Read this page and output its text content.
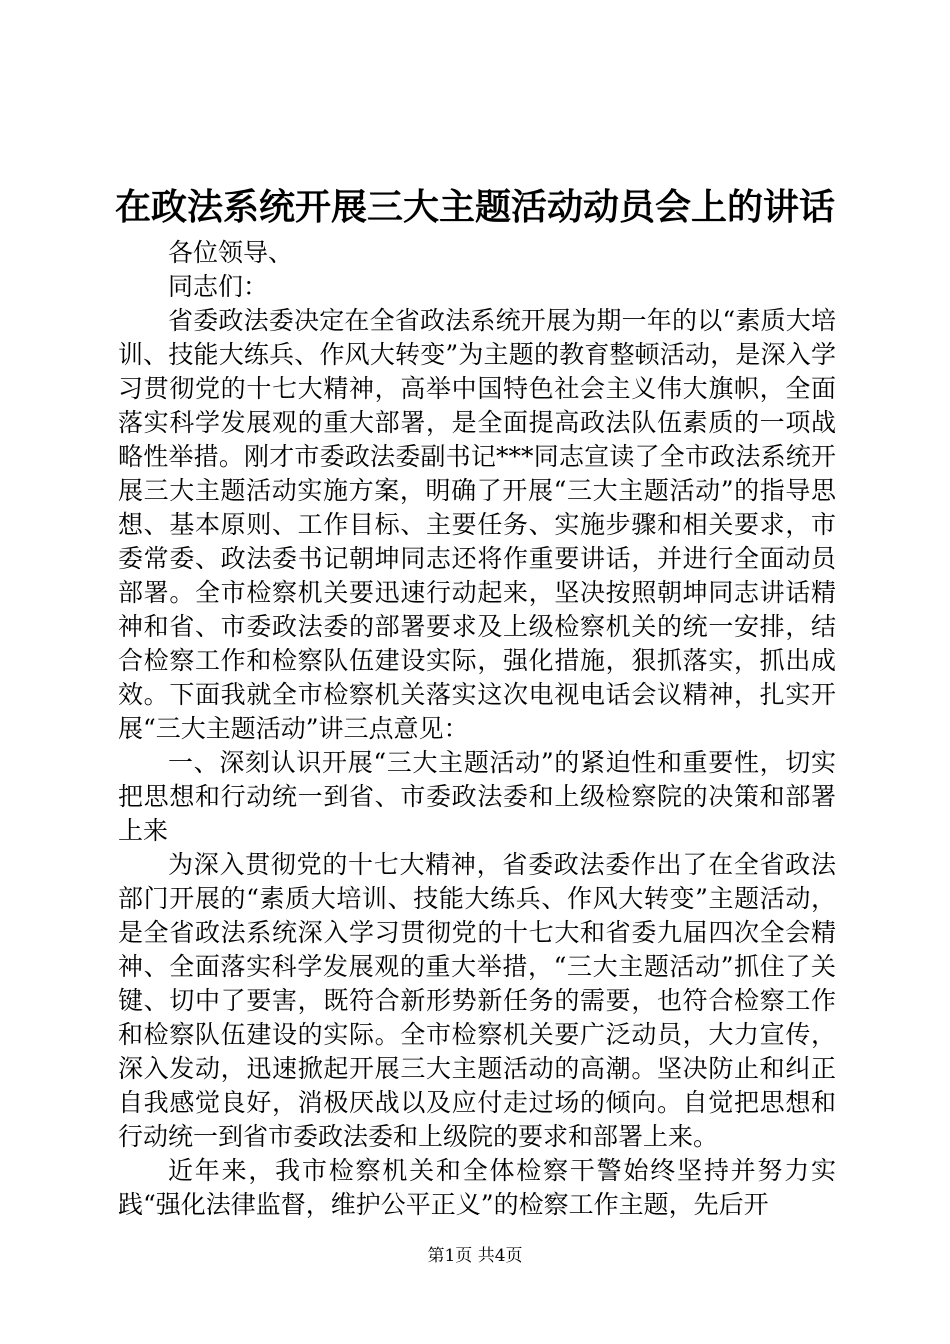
在政法系统开展三大主题活动动员会上的讲话

各位领导、

同志们：

省委政法委决定在全省政法系统开展为期一年的以“素质大培训、技能大练兵、作风大转变”为主题的教育整顿活动，是深入学习贯彻党的十七大精神，高举中国特色社会主义伟大旗帜，全面落实科学发展观的重大部署，是全面提高政法队伍素质的一项战略性举措。刚才市委政法委副书记***同志宣读了全市政法系统开展三大主题活动实施方案，明确了开展“三大主题活动”的指导思想、基本原则、工作目标、主要任务、实施步骤和相关要求，市委常委、政法委书记朝坤同志还将作重要讲话，并进行全面动员部署。全市检察机关要迅速行动起来，坚决按照朝坤同志讲话精神和省、市委政法委的部署要求及上级检察机关的统一安排，结合检察工作和检察队伍建设实际，强化措施，狠抓落实，抓出成效。下面我就全市检察机关落实这次电视电话会议精神，扎实开展“三大主题活动”讲三点意见：

一、深刻认识开展“三大主题活动”的紧迫性和重要性，切实把思想和行动统一到省、市委政法委和上级检察院的决策和部署上来

为深入贯彻党的十七大精神，省委政法委作出了在全省政法部门开展的“素质大培训、技能大练兵、作风大转变”主题活动，是全省政法系统深入学习贯彻党的十七大和省委九届四次全会精神、全面落实科学发展观的重大举措，“三大主题活动”抓住了关键、切中了要害，既符合新形势新任务的需要，也符合检察工作和检察队伍建设的实际。全市检察机关要广泛动员，大力宣传，深入发动，迅速掀起开展三大主题活动的高潮。坚决防止和纠正自我感觉良好，消极厌战以及应付走过场的倾向。自觉把思想和行动统一到省市委政法委和上级院的要求和部署上来。

近年来，我市检察机关和全体检察干警始终坚持并努力实践“强化法律监督，维护公平正义”的检察工作主题，先后开

第1页 共4页
